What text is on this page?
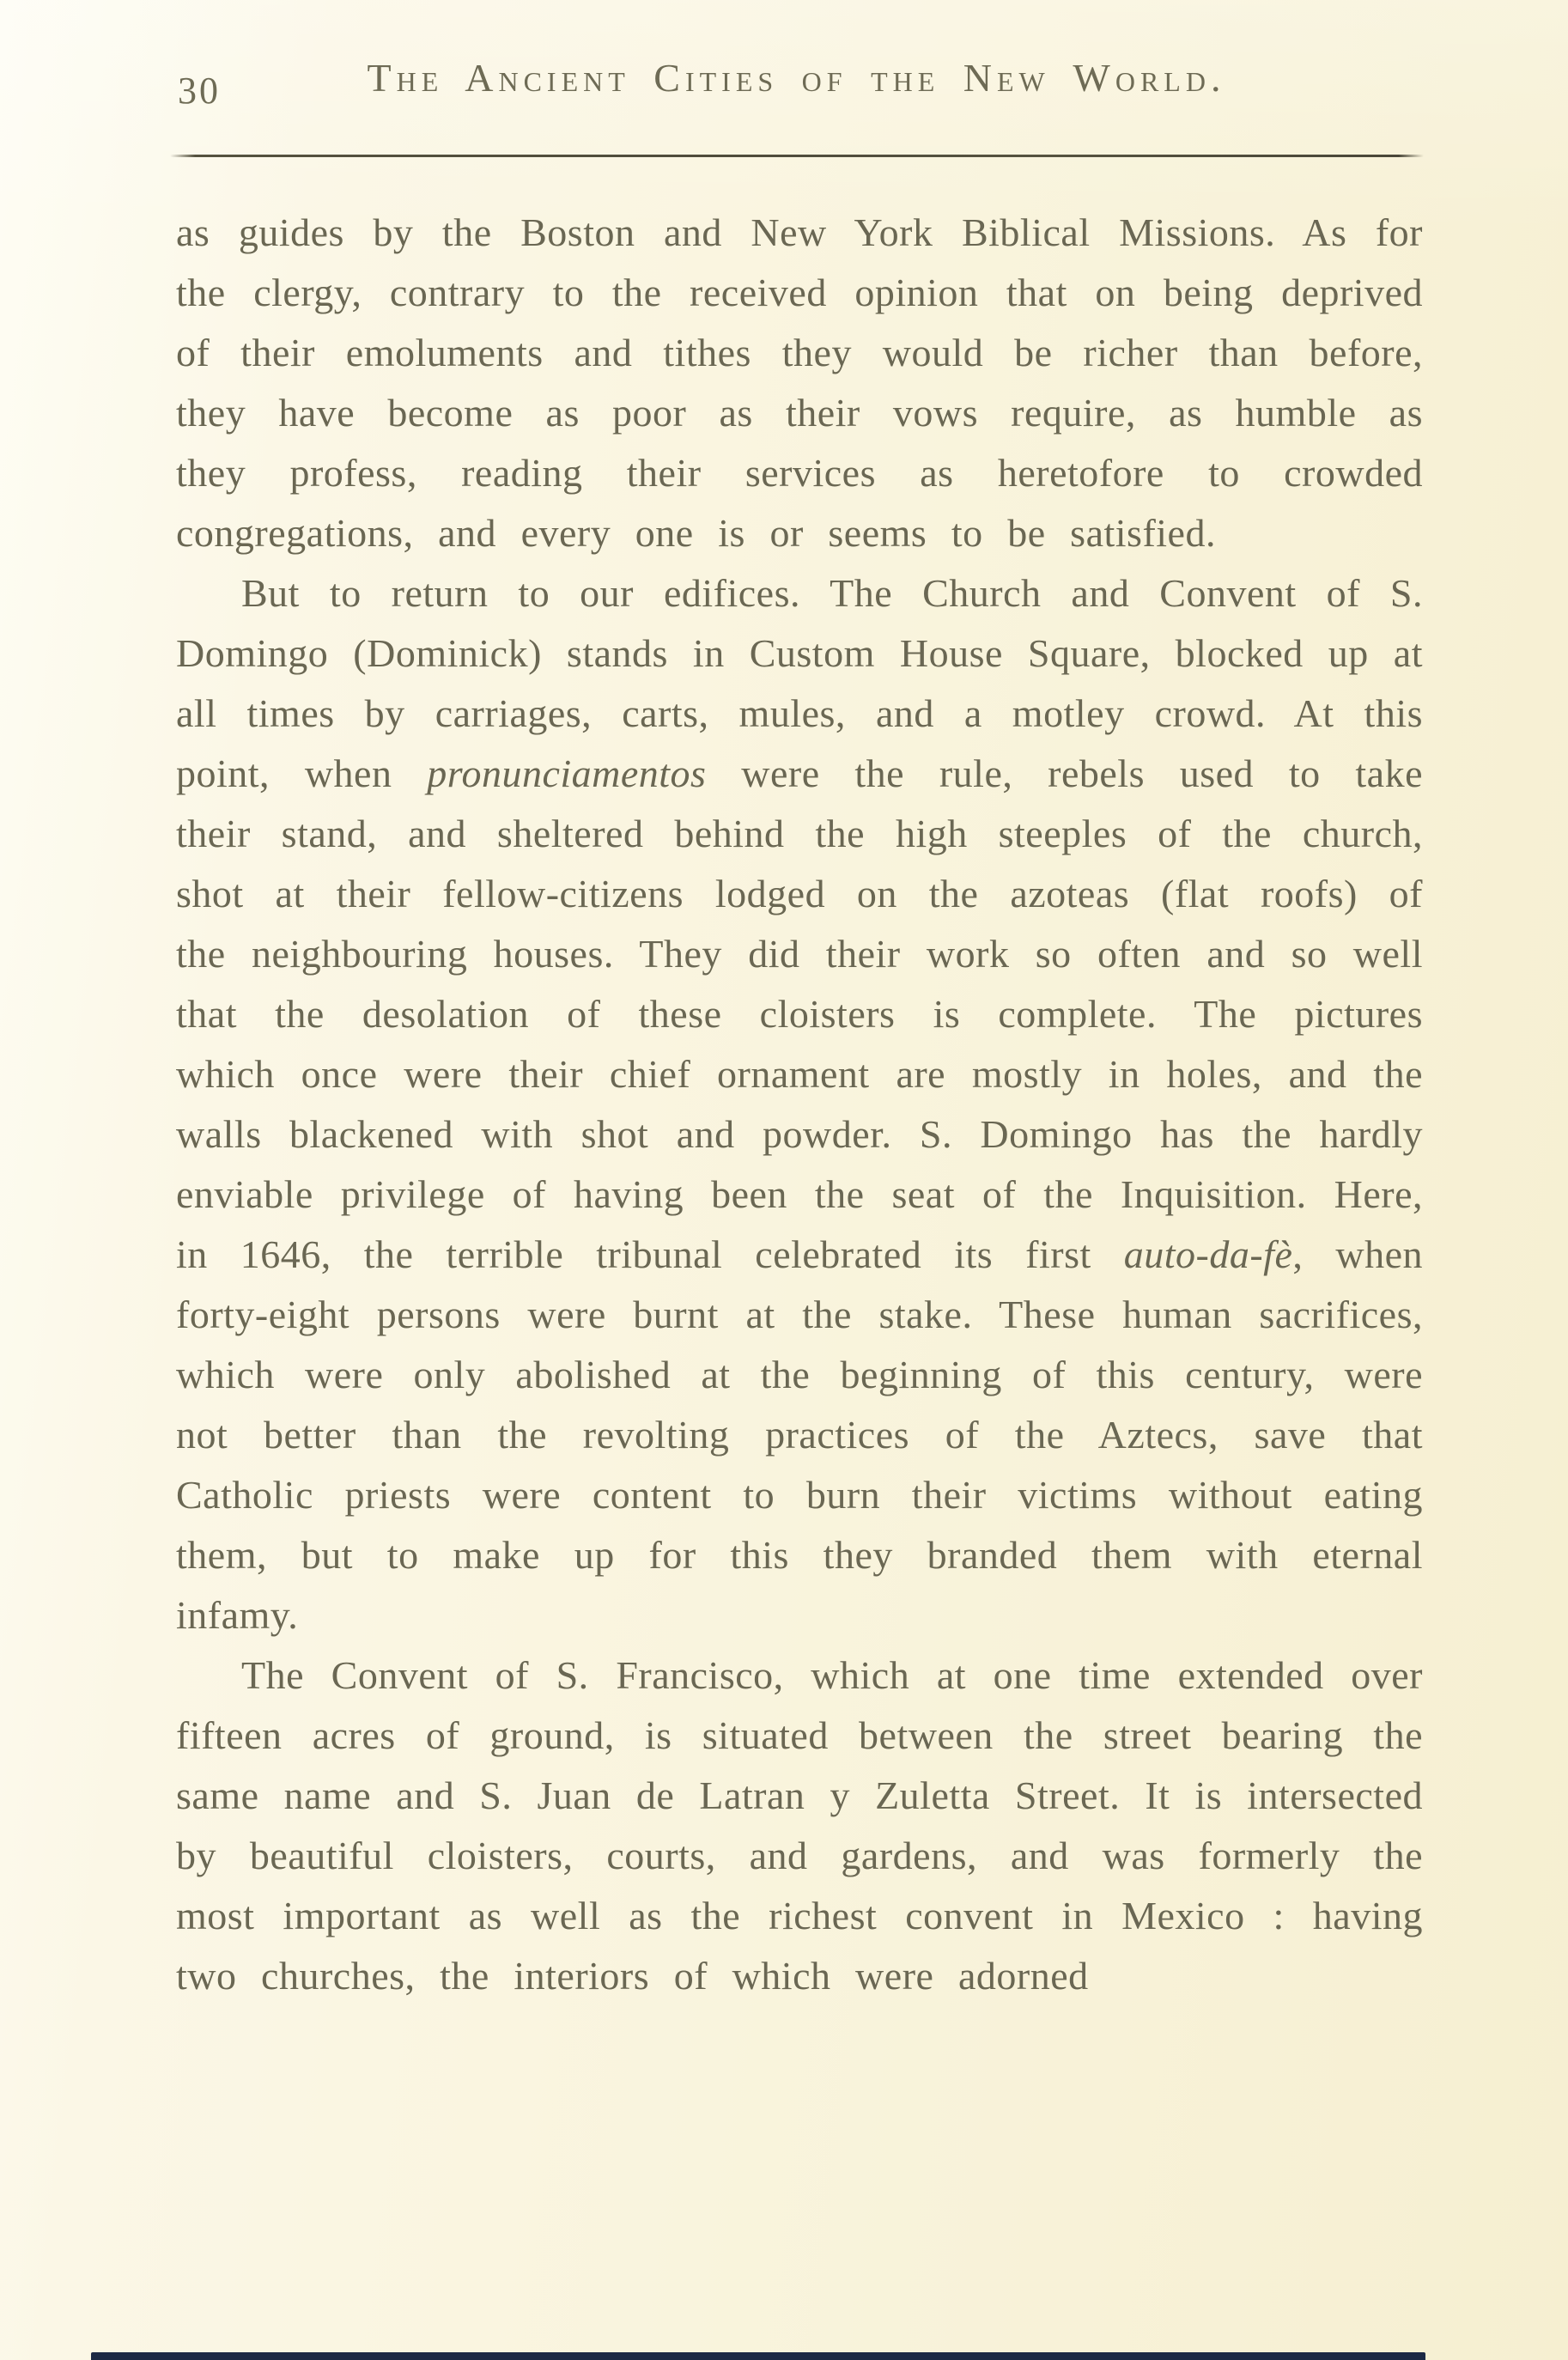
30	The Ancient Cities of the New World.

as guides by the Boston and New York Biblical Missions. As for the clergy, contrary to the received opinion that on being deprived of their emoluments and tithes they would be richer than before, they have become as poor as their vows require, as humble as they profess, reading their services as heretofore to crowded congregations, and every one is or seems to be satisfied.

But to return to our edifices. The Church and Convent of S. Domingo (Dominick) stands in Custom House Square, blocked up at all times by carriages, carts, mules, and a motley crowd. At this point, when pronunciamentos were the rule, rebels used to take their stand, and sheltered behind the high steeples of the church, shot at their fellow-citizens lodged on the azoteas (flat roofs) of the neighbouring houses. They did their work so often and so well that the desolation of these cloisters is complete. The pictures which once were their chief ornament are mostly in holes, and the walls blackened with shot and powder. S. Domingo has the hardly enviable privilege of having been the seat of the Inquisition. Here, in 1646, the terrible tribunal celebrated its first auto-da-fè, when forty-eight persons were burnt at the stake. These human sacrifices, which were only abolished at the beginning of this century, were not better than the revolting practices of the Aztecs, save that Catholic priests were content to burn their victims without eating them, but to make up for this they branded them with eternal infamy.

The Convent of S. Francisco, which at one time extended over fifteen acres of ground, is situated between the street bearing the same name and S. Juan de Latran y Zuletta Street. It is intersected by beautiful cloisters, courts, and gardens, and was formerly the most important as well as the richest convent in Mexico : having two churches, the interiors of which were adorned
